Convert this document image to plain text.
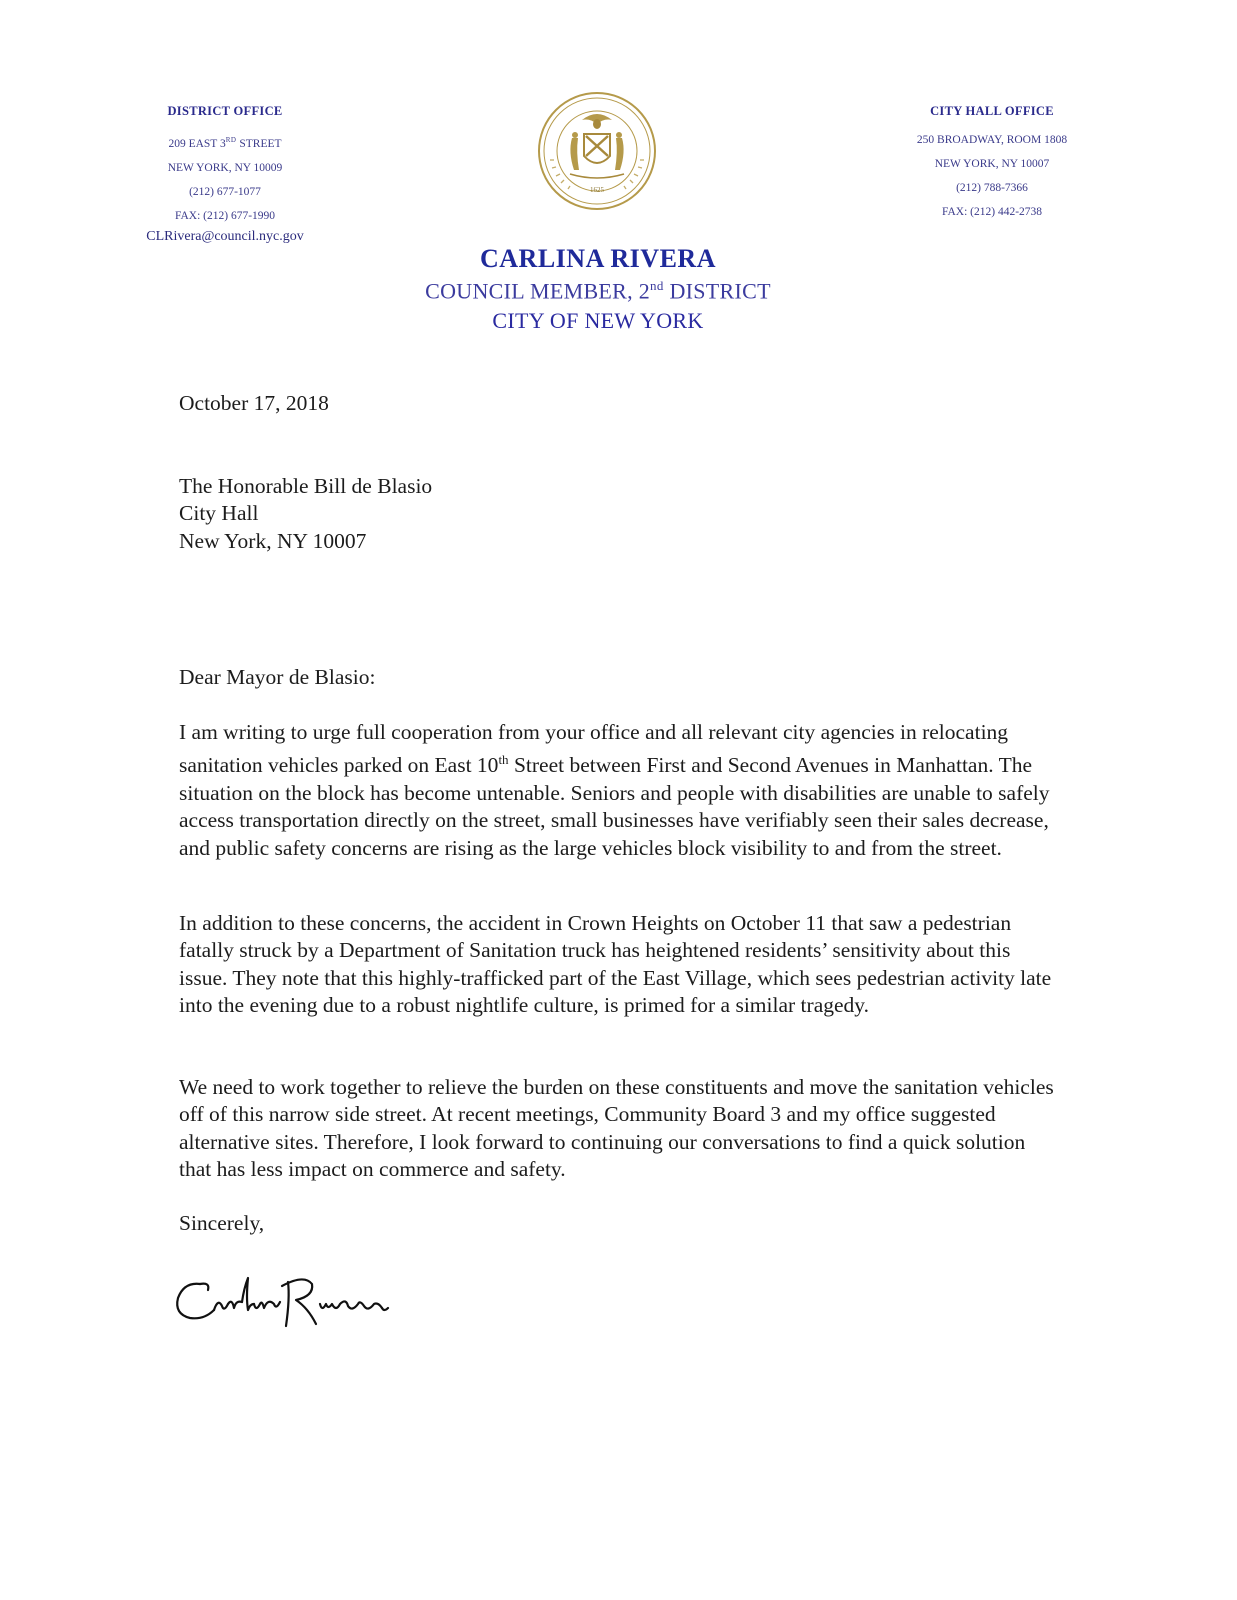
DISTRICT OFFICE
209 EAST 3RD STREET
NEW YORK, NY 10009
(212) 677-1077
FAX: (212) 677-1990
CLRivera@council.nyc.gov
1625
CITY HALL OFFICE
250 BROADWAY, ROOM 1808
NEW YORK, NY 10007
(212) 788-7366
FAX: (212) 442-2738
CARLINA RIVERA
COUNCIL MEMBER, 2nd DISTRICT
CITY OF NEW YORK
October 17, 2018

The Honorable Bill de Blasio

City Hall

New York, NY 10007

Dear Mayor de Blasio:
I am writing to urge full cooperation from your office and all relevant city agencies in relocating sanitation vehicles parked on East 10th Street between First and Second Avenues in Manhattan. The situation on the block has become untenable. Seniors and people with disabilities are unable to safely access transportation directly on the street, small businesses have verifiably seen their sales decrease, and public safety concerns are rising as the large vehicles block visibility to and from the street.
In addition to these concerns, the accident in Crown Heights on October 11 that saw a pedestrian fatally struck by a Department of Sanitation truck has heightened residents’ sensitivity about this issue. They note that this highly-trafficked part of the East Village, which sees pedestrian activity late into the evening due to a robust nightlife culture, is primed for a similar tragedy.
We need to work together to relieve the burden on these constituents and move the sanitation vehicles off of this narrow side street. At recent meetings, Community Board 3 and my office suggested alternative sites. Therefore, I look forward to continuing our conversations to find a quick solution that has less impact on commerce and safety.
Sincerely,
